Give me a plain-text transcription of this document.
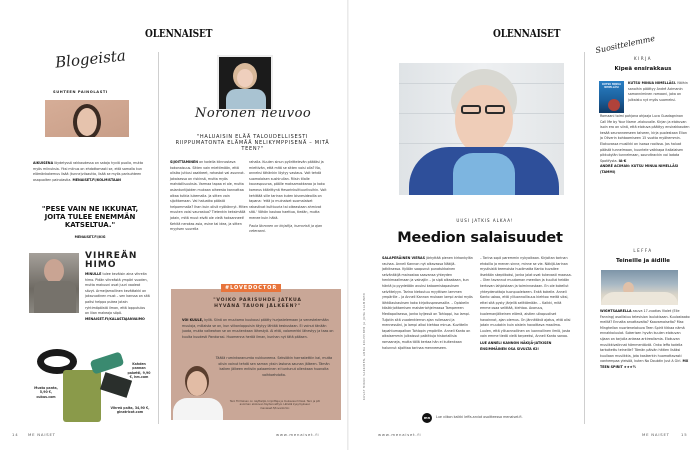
OLENNAISET
Blogeista
SUHTEEN PAINOLASTI
AIKUISENA löydetyssä rakkaudessa on sataja hyviä puolia, mutta myös miinuksia. Yksi miinus on ehdottomasti se, että samalla kun elämänkokemus lisää (tunne)viisautta, lisää se myös parisuhteen osapuolten painolastia. MENAISET.FI/KOLMISTAAN
"PESE VAIN NE IKKUNAT, JOITA TULEE ENEMMÄN KATSELTUA."
MENAISET.FI/KIG
VIHREÄN
HIMO
MINULLE tulee keväisin aina vihreän himo. Pidän vihreästä ympäri vuoden, mutta makuuni ovat juuri vaaleat sävyt. Armeijamallinen kevättakki on jokavuotinen must – sen kanssa on sitä paitsi helppo pukea jotain ryhtimäpäistä ilman, että lopputulos on liian makeaja söpö. MENAISET.FI/KALASTAJANVAIMO
Musta pantа, 5,90 €, cubus.com
Kahden pannan paketti, 9,90 €, hm.com
Vihreä paita, 34,90 €, ginatricot.com
Noronen neuvoo
"HALUAISIN ELÄÄ TALOUDELLISESTI RIIPPUMATONTA ELÄMÄÄ NELIKYMPPISENÄ – MITÄ TEEN?"
SIJOITTAMINEN on todella kiinnostava kokonaisuus. Sitten vain miettimään, että olisiko juttusi osakkeet, rahastot vai asunnot. Jakaisessa on riskinsä, mutta myös mahdollisuuksia. Varmaa tapaa ei ole, mutta asiantuntijoiden mukaan aiheesta kannattaa alkaa tutkia lukemalla. Ja sitten vain sijoittamaan. Vai haluatko päästä helpommalla? Ihan kuin olisit nyökännyt. Miten muuten voisi vaurastua? Tietenkin keksimällä jotain, mitä muut eivät ole vielä hoksanneet! Kehitä nerokas asia, esine tai idea, ja sitten myytsen suurella
rahalla. Kuulen sinun pyörittelevän päätäsi ja miettivän, että mitä se sitten voisi olla? No, onneksi tähänkin löytyy vastaus. Voit tehdä suomalaisen sushirullan. Riisin tilalle kauraspuuroa, päälle maksamakkaraa ja koko komeus käärittynä Hesarinkulttuurilvuihin. Voit kehittää sille tarinan kuten bisnesideoilla on tapana: 'että jo muinaiset suomalaiset rakastivat kulttuuria tai oikeastaan ahmivat sitä.' Vähän kaukaa haettua, tiedän, mutta menee kuin häkä.
Paula Noronen on kirjailija, humoristi ja ajan veteraani.
#LOVEDOCTOR
"VOIKO PARISUHDE JATKUA HYVÄNÄ TAUON JÄLKEEN?"
VOI KUULE, kyllä. Siinä on muutama kuukausi päätty hurjastelemaan ja venestelemään muuloja, millaista se on, kun viikonloppuisin täytyy lähtää keskustaan. Ei voinut tänään juoda, mutta valkeahan se on muutenkaan lähestyä. Ai että, valomerkki lähestyy ja taas on kuulta kuudesti Pandorasi. Huomenna herää ilman, kunhan nyt tätä pääsen.
Täällä ruminkaranumta nukkuneena. Seksiäkin harrastettiin kai, mutta olisin voinut tehdä sen saman yksin lastona saunan jälkeen. Tämän kaiken jälkeen entisiin palaaminen ei tuntunut ollenkaan huonolta vaihtoehdolta.
Tero Törmänen on näyttelijä, kirjoittaja ja mukavaa ihmisä. Tero ja piti avoimen elokuvan täydennettyä. Lähetä kysymyksesi: menaiset.fi/lovedoctor.
14	ME NAISET	www.menaiset.fi
OLENNAISET
KUVAT MIKKO SAKKINEN, ANNA KOLPPINEN JA JUHA SALMINEN
UUSI JATKIS ALKAA!
Meedion salaisuudet
SALAPERÄINEN VIERAS järkyttää pienen kirkonkylän rauhaa. Anneli Kannon nyt alkavassa Näkijä-jatkiksessa. Kylään saapunut punatukkainen selvänäkijä mainostaa saavansa yhteyden henkimaailmaan ja vainajiin – ja sipä alkaakaan, kun häntä jo pyydetään avuksi katoamistapauksen selvittelyyn. Tarina kietoutuu myyttisen lammen ympärille – ja Anneli Kannon mukaan lampi antoi myös lähtölaukauksen koko kirjoitusprosessille. – Opiskelin käsikirjoittamisen maisteriohjelmassa Tampereen Mediapolisessa, jonka kyljessä on Tohloppi, iso lampi. Tuijotin sitä vuodenkierron ajan ruilessani ja mennessäni, ja lampi alkoi kiehtoa minua. Kuvittelin tapahtumapaikan Tohlopin ympärille. Anneli Kanto on aikaisemmin julkaissut palkittuja historiallisia romaaneja, mutta tällä kertaa hän ei kuitenkaan halunnut sijoittaa tarinaa menneeseen.
– Tarina sopii paremmin nykyaikaan. Kirjoitan tarinan ehdoilla ja menen sinne, minne se vie. Näkijä-tarinan mystisistä teemoista huolimatta Kanto kuvailee itsekään skeptikoksi, jonka jalat ovat tukevasti maassa. – Olen tavannut muutaman meedion ja kuullut heidän kertovan lahjoistaan ja toiminnastaan. En ole kokellut yhteydenottoja tuonpuoleiseen. Enkä kokeile. Anneli Kanto uskoo, että yliluonnollisuus kiehtoo meitä siksi, ettei sitä pysty järjellä selittämään. – Kaikki, mitä emme osaa selittää, kiehtoo. Avaruus, kuolemanjälkeinen elämä, aistien ulkopuoliset havainnot, ajan olemus. On jännittävä ajatus, että olisi jotain muutakin kuin aistein havaittava maailma. Luulen, että yliluonnollinen on luonnollinen ilmiö, josta vain emme tiedä vielä tarpeeksi, Anneli Kanto sanoo.
LUE ANNELI KANNON NÄKIJÄ-JATKISEN ENSIMMÄINEN OSA SIVULTA 62!
mn	Lue viikon kaikki leffa-arviot osoitteessa menaiset.fi.
Suosittelemme
KIRJA
Kipeä ensirakkaus
KUTSU MINUA NIMELLÄSI
KUTSU MINUA NIMELLÄSI. Näihin sanoihin päättyy André Acimanin samanniminen romaani, joka on julkaistu nyt myös suomeksi.
Romaani toimi pohjana ohjaaja Luca Guadagninon Call Me by Your Name -elokuvalle. Kirjan ja elokuvan isoin ero on siinä, että elokuva päättyy ensirakkauden kesää seuranneeseen talveen, kirja puolestaan Elion ja Oliverin kohtaamiseen 15 vuotta myöhemmin. Elokuvassa musiikki on isossa roolissa. Jos haluat päästä tunnelmaan, kuuntele vaikkapa italialaisen pikkukylän tunnelmaan, soundtrackin voi ladata Spotifysta. IA-K
ANDRÉ ACIMAN: KUTSU MINUA NIMELLÄSI (TAMMI)
LEFFA
Teineille ja äidille
WIGHTSAARELLA asuva 17-vuotias Violet (Elle Fanning) osallistuu television laulukisaan. Kuulostaako meiltä? Ennalta arvattavalta? Kaavamaiselta? Max Minghellan nuortenelokuva Teen Spirit tikkaa nämä ennakkoluulot. Sokerisen hyvän kuulen elokuvan sijaan on tarjolla ankeaa arkirealismia. Elokuvan musiikkivalinnat hämmentävät. Onko leffa todella tarkoitettu teineille? Tämän päivän hittien lisäksi kuullaan musiikkia, jota kasikerkin huomattavasti vanhempaa yleisöä, kuten No Doubtin Just A Girl. MX TEEN SPIRIT ★★★½
www.menaiset.fi	ME NAISET	15
